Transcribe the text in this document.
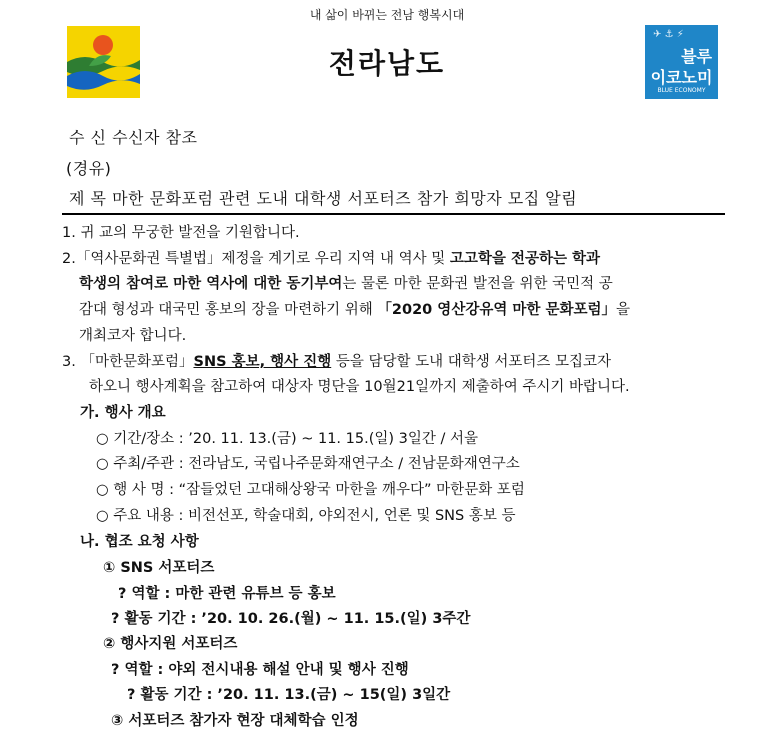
내 삶이 바뀌는 전남 행복시대
전라남도
✈ ⚓ ⚡
블루
이코노미
BLUE ECONOMY
수 신 수신자 참조
(경유)
제 목 마한 문화포럼 관련 도내 대학생 서포터즈 참가 희망자 모집 알림
1. 귀 교의 무궁한 발전을 기원합니다.
2.「역사문화권 특별법」제정을 계기로 우리 지역 내 역사 및 고고학을 전공하는 학과
학생의 참여로 마한 역사에 대한 동기부여는 물론 마한 문화권 발전을 위한 국민적 공
감대 형성과 대국민 홍보의 장을 마련하기 위해 「2020 영산강유역 마한 문화포럼」을
개최코자 합니다.
3. 「마한문화포럼」SNS 홍보, 행사 진행 등을 담당할 도내 대학생 서포터즈 모집코자
하오니 행사계획을 참고하여 대상자 명단을 10월21일까지 제출하여 주시기 바랍니다.
가. 행사 개요
○ 기간/장소 : ’20. 11. 13.(금) ~ 11. 15.(일) 3일간 / 서울
○ 주최/주관 : 전라남도, 국립나주문화재연구소 / 전남문화재연구소
○ 행 사 명 : “잠들었던 고대해상왕국 마한을 깨우다” 마한문화 포럼
○ 주요 내용 : 비전선포, 학술대회, 야외전시, 언론 및 SNS 홍보 등
나. 협조 요청 사항
① SNS 서포터즈
? 역할 : 마한 관련 유튜브 등 홍보
? 활동 기간 : ’20. 10. 26.(월) ~ 11. 15.(일) 3주간
② 행사지원 서포터즈
? 역할 : 야외 전시내용 해설 안내 및 행사 진행
? 활동 기간 : ’20. 11. 13.(금) ~ 15(일) 3일간
③ 서포터즈 참가자 현장 대체학습 인정
